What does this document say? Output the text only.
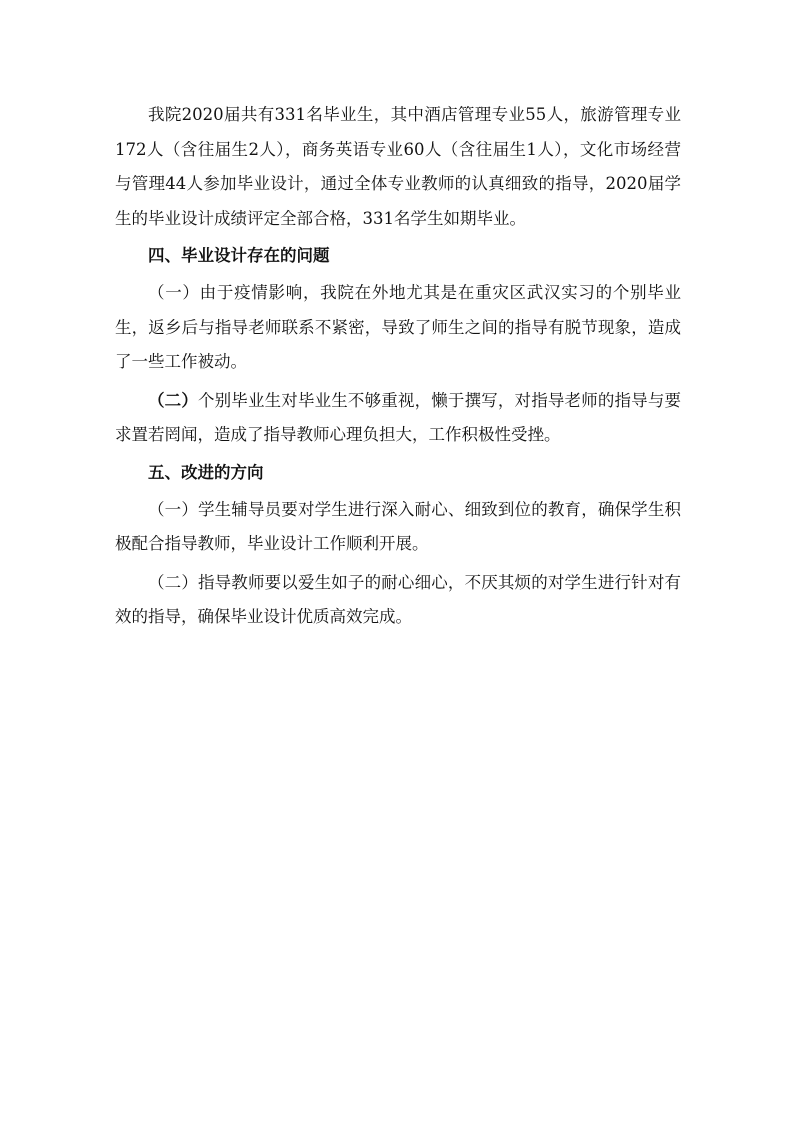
我院2020届共有331名毕业生，其中酒店管理专业55人，旅游管理专业172人（含往届生2人），商务英语专业60人（含往届生1人），文化市场经营与管理44人参加毕业设计，通过全体专业教师的认真细致的指导，2020届学生的毕业设计成绩评定全部合格，331名学生如期毕业。

四、毕业设计存在的问题

（一）由于疫情影响，我院在外地尤其是在重灾区武汉实习的个别毕业生，返乡后与指导老师联系不紧密，导致了师生之间的指导有脱节现象，造成了一些工作被动。

（二）个别毕业生对毕业生不够重视，懒于撰写，对指导老师的指导与要求置若罔闻，造成了指导教师心理负担大，工作积极性受挫。

五、改进的方向

（一）学生辅导员要对学生进行深入耐心、细致到位的教育，确保学生积极配合指导教师，毕业设计工作顺利开展。

（二）指导教师要以爱生如子的耐心细心，不厌其烦的对学生进行针对有效的指导，确保毕业设计优质高效完成。
